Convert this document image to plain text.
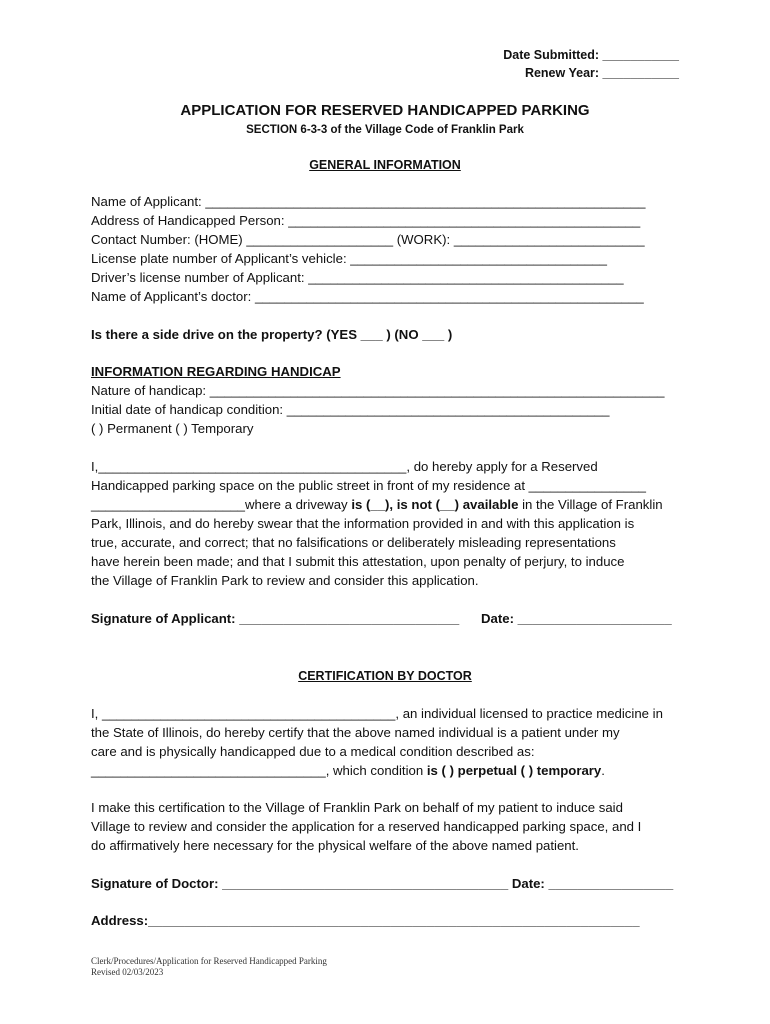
Date Submitted: ___________
Renew Year: ___________
APPLICATION FOR RESERVED HANDICAPPED PARKING
SECTION 6-3-3 of the Village Code of Franklin Park
GENERAL INFORMATION
Name of Applicant: ____________________________________________________________
Address of Handicapped Person: ________________________________________________
Contact Number: (HOME) ____________________ (WORK): __________________________
License plate number of Applicant’s vehicle: ___________________________________
Driver’s license number of Applicant: ___________________________________________
Name of Applicant’s doctor: _____________________________________________________
Is there a side drive on the property? (YES ___ ) (NO ___ )
INFORMATION REGARDING HANDICAP
Nature of handicap: ______________________________________________________________
Initial date of handicap condition: ____________________________________________
( ) Permanent ( ) Temporary
I,__________________________________________, do hereby apply for a Reserved
Handicapped parking space on the public street in front of my residence at ________________
_____________________where a driveway is (__), is not (__) available in the Village of Franklin
Park, Illinois, and do hereby swear that the information provided in and with this application is
true, accurate, and correct; that no falsifications or deliberately misleading representations
have herein been made; and that I submit this attestation, upon penalty of perjury, to induce
the Village of Franklin Park to review and consider this application.
Signature of Applicant: ______________________________ Date: _____________________
CERTIFICATION BY DOCTOR
I, ________________________________________, an individual licensed to practice medicine in
the State of Illinois, do hereby certify that the above named individual is a patient under my
care and is physically handicapped due to a medical condition described as:
________________________________, which condition is ( ) perpetual ( ) temporary.
I make this certification to the Village of Franklin Park on behalf of my patient to induce said
Village to review and consider the application for a reserved handicapped parking space, and I
do affirmatively here necessary for the physical welfare of the above named patient.
Signature of Doctor: _______________________________________ Date: _________________
Address:___________________________________________________________________
Clerk/Procedures/Application for Reserved Handicapped Parking
Revised 02/03/2023
